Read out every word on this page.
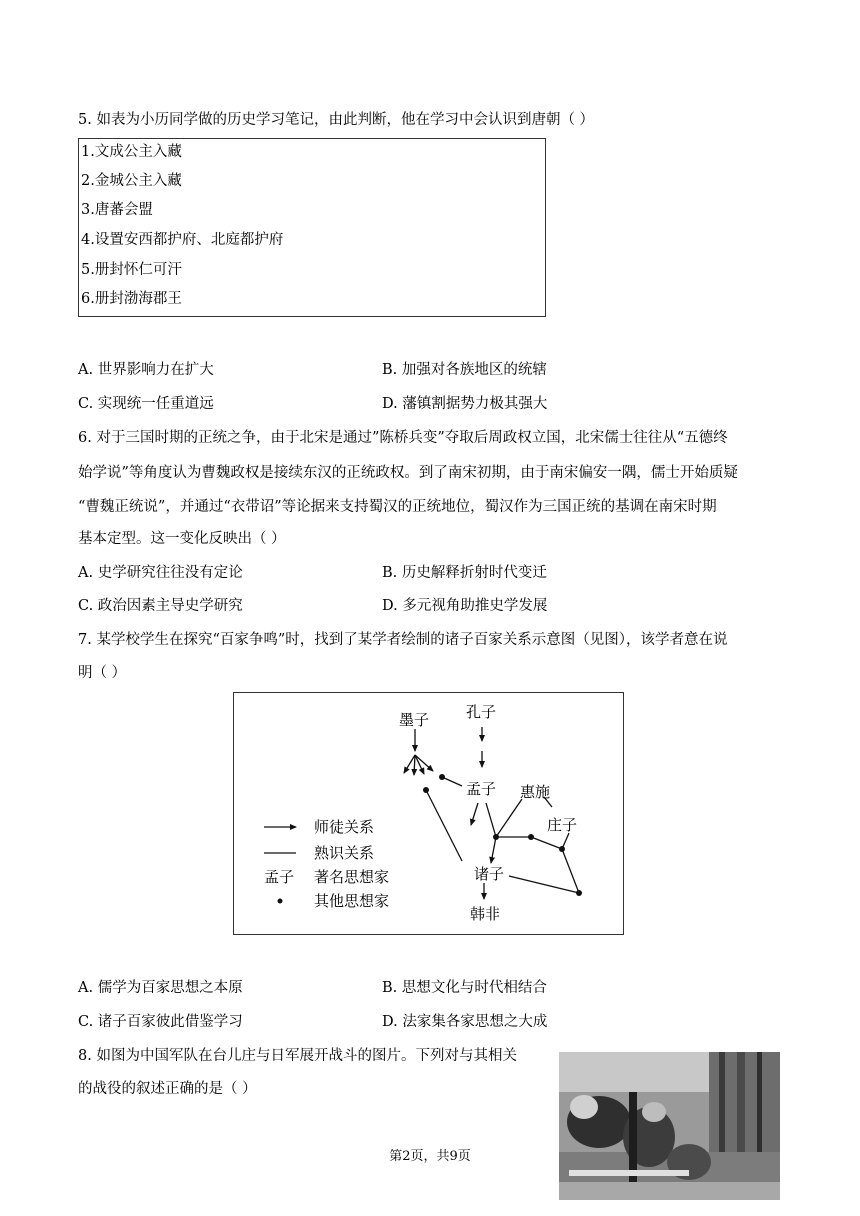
5. 如表为小历同学做的历史学习笔记，由此判断，他在学习中会认识到唐朝（ ）
1.文成公主入藏
2.金城公主入藏
3.唐蕃会盟
4.设置安西都护府、北庭都护府
5.册封怀仁可汗
6.册封渤海郡王
A. 世界影响力在扩大	B. 加强对各族地区的统辖
C. 实现统一任重道远	D. 藩镇割据势力极其强大
6. 对于三国时期的正统之争，由于北宋是通过”陈桥兵变”夺取后周政权立国，北宋儒士往往从“五德终
始学说”等角度认为曹魏政权是接续东汉的正统政权。到了南宋初期，由于南宋偏安一隅，儒士开始质疑
“曹魏正统说”，并通过“衣带诏”等论据来支持蜀汉的正统地位，蜀汉作为三国正统的基调在南宋时期
基本定型。这一变化反映出（ ）
A. 史学研究往往没有定论	B. 历史解释折射时代变迁
C. 政治因素主导史学研究	D. 多元视角助推史学发展
7. 某学校学生在探究“百家争鸣”时，找到了某学者绘制的诸子百家关系示意图（见图），该学者意在说
明（ ）
墨子 孔子
孟子 惠施
庄子
诸子
韩非
师徒关系
熟识关系
孟子 著名思想家
其他思想家
A. 儒学为百家思想之本原	B. 思想文化与时代相结合
C. 诸子百家彼此借鉴学习	D. 法家集各家思想之大成
8. 如图为中国军队在台儿庄与日军展开战斗的图片。下列对与其相关
的战役的叙述正确的是（ ）
第2页，共9页
